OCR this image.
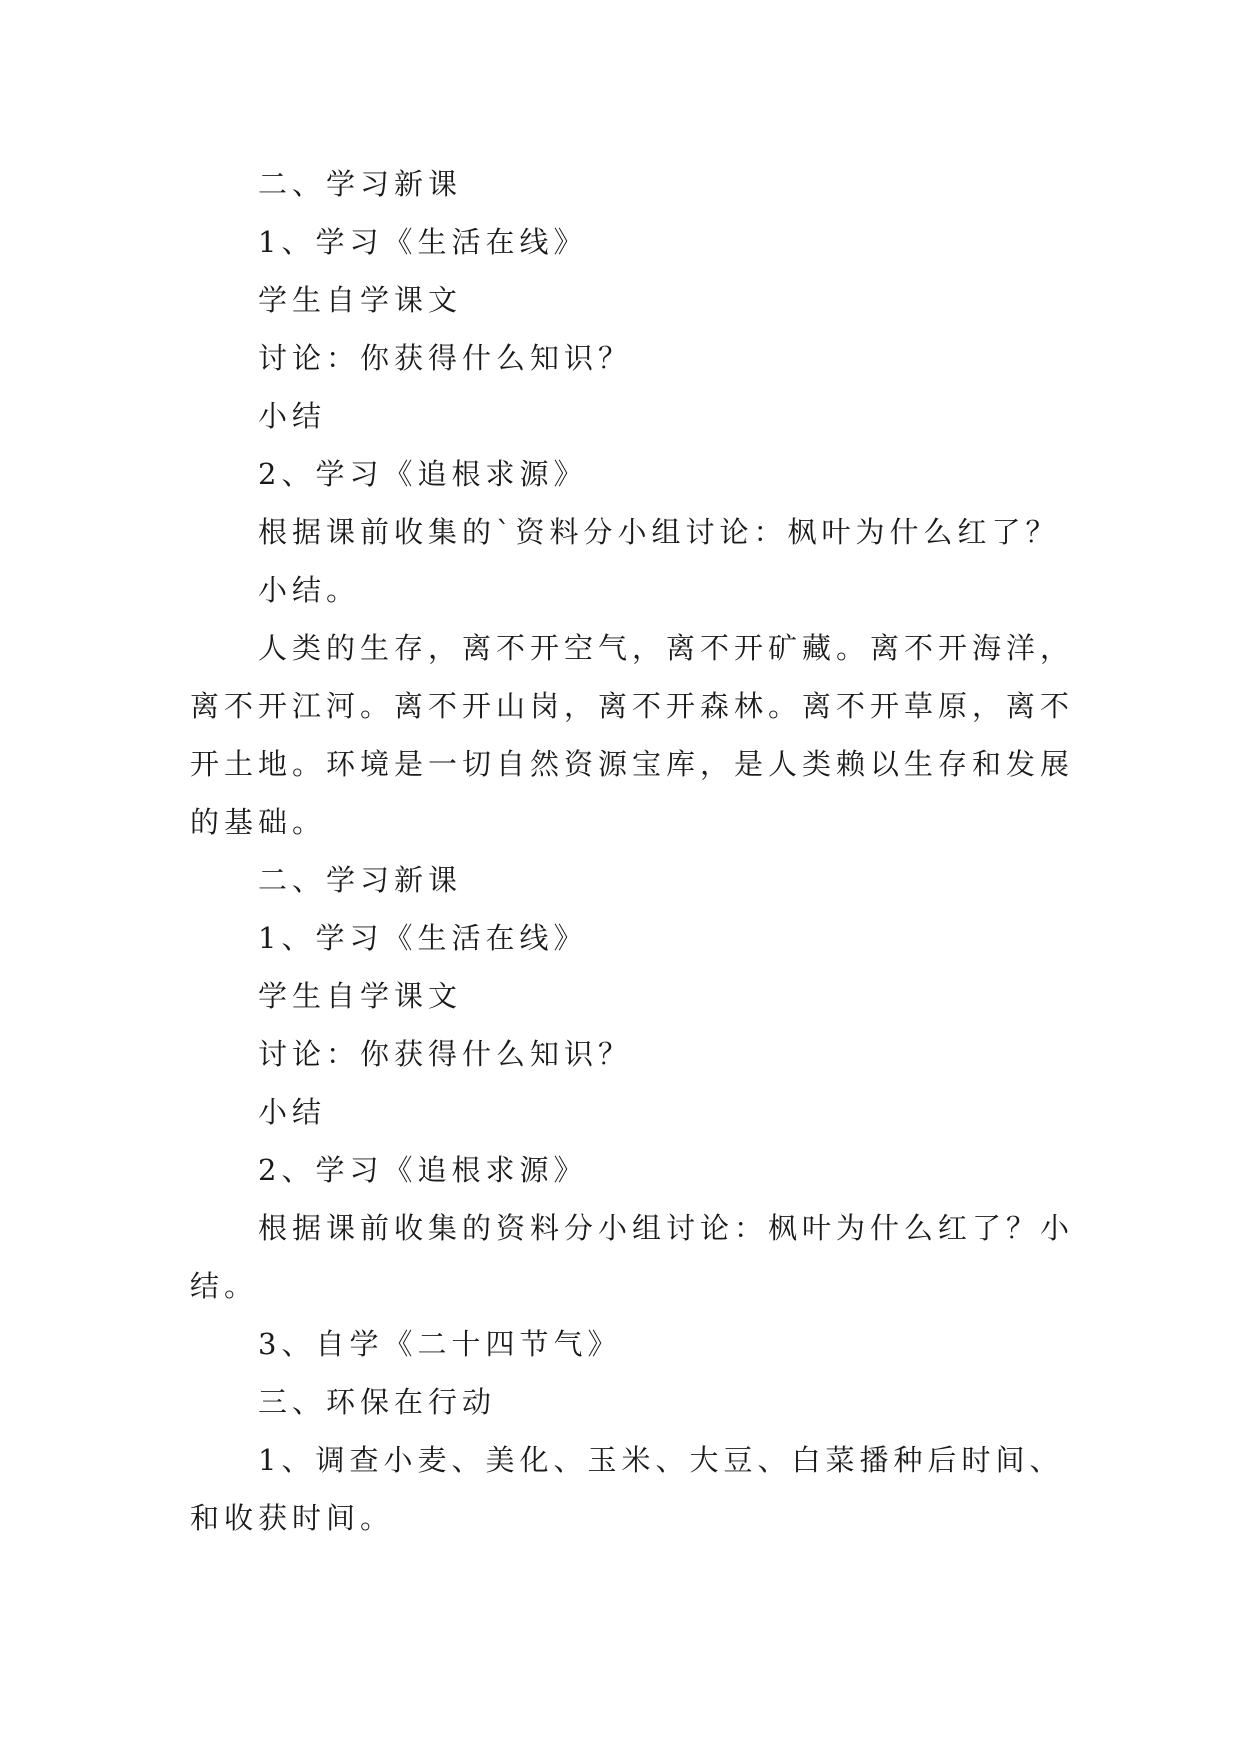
二、学习新课
1、学习《生活在线》
学生自学课文
讨论：你获得什么知识？
小结
2、学习《追根求源》
根据课前收集的`资料分小组讨论：枫叶为什么红了？
小结。
人类的生存，离不开空气，离不开矿藏。离不开海洋，
离不开江河。离不开山岗，离不开森林。离不开草原，离不
开土地。环境是一切自然资源宝库，是人类赖以生存和发展
的基础。
二、学习新课
1、学习《生活在线》
学生自学课文
讨论：你获得什么知识？
小结
2、学习《追根求源》
根据课前收集的资料分小组讨论：枫叶为什么红了？小
结。
3、自学《二十四节气》
三、环保在行动
1、调查小麦、美化、玉米、大豆、白菜播种后时间、
和收获时间。
